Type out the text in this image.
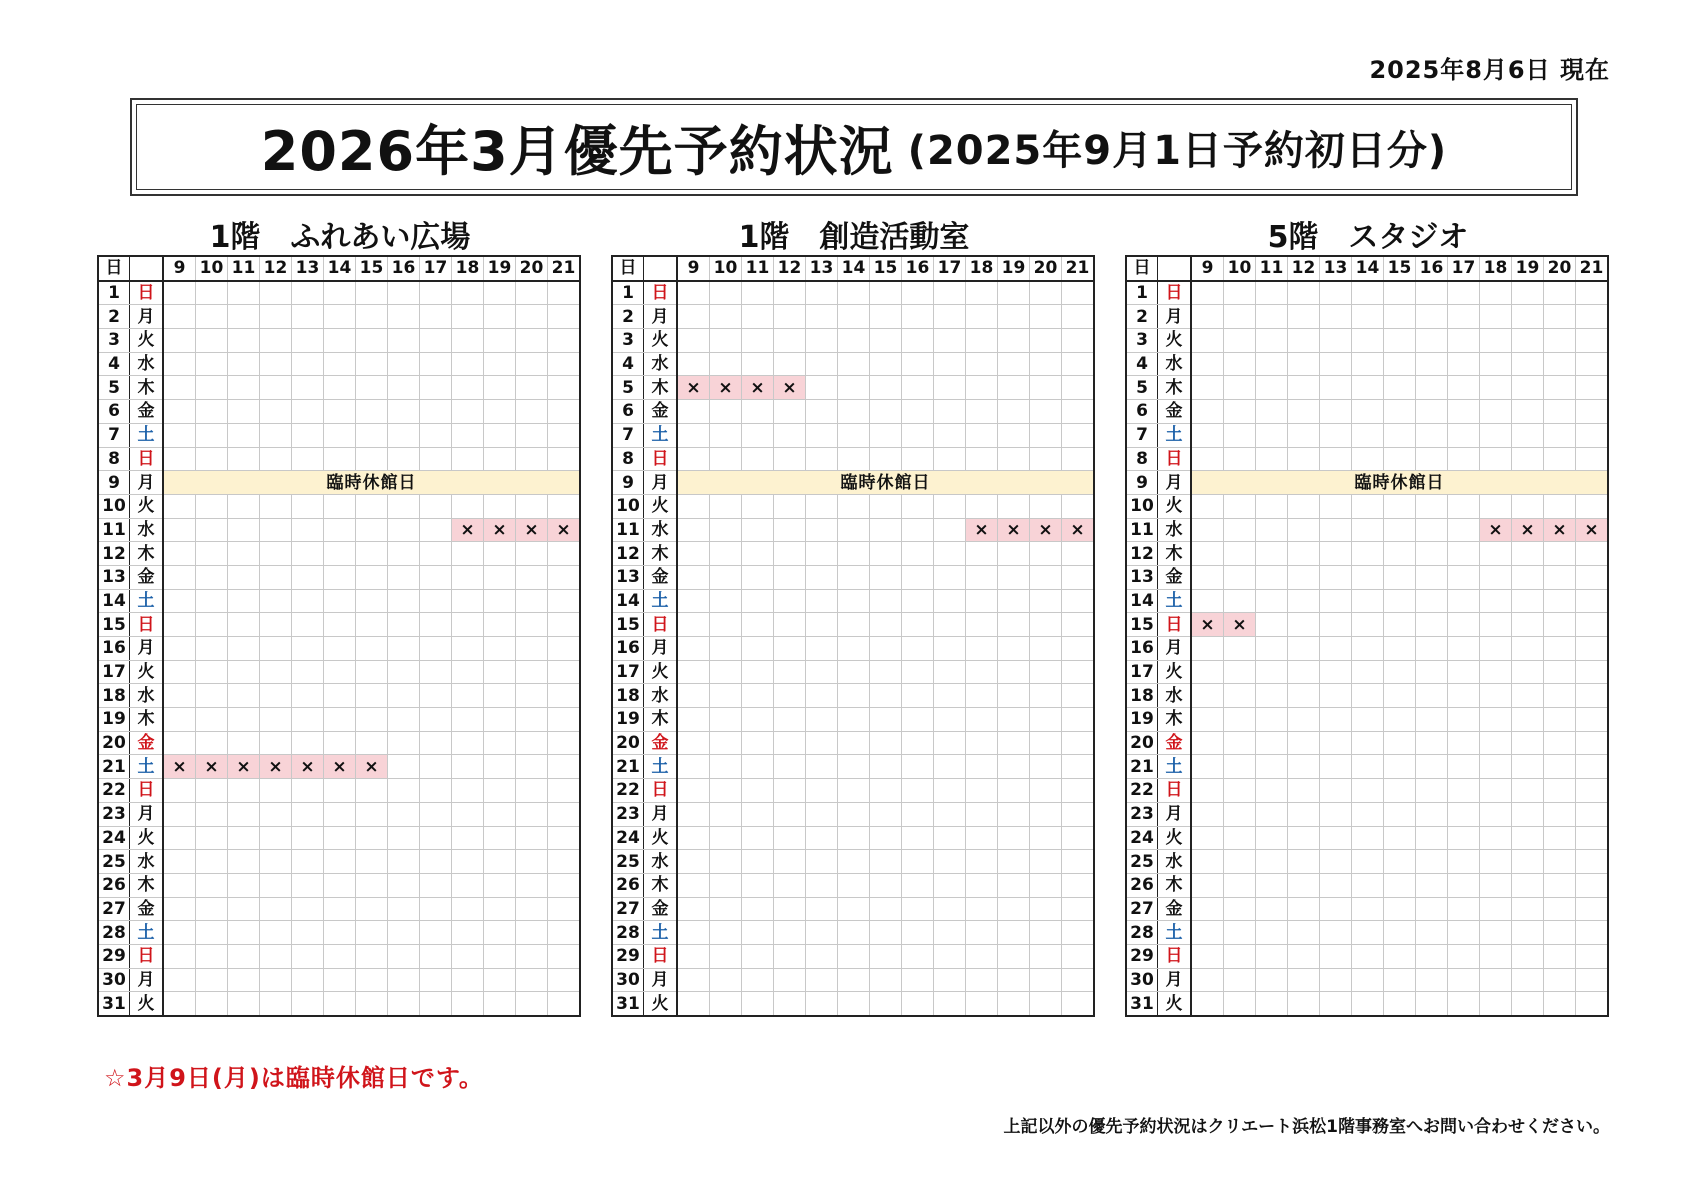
2025年8月6日 現在
2026年3月優先予約状況 (2025年9月1日予約初日分)
1階　ふれあい広場	1階　創造活動室	5階　スタジオ
日		9	10	11	12	13	14	15	16	17	18	19	20	21
1	日													
2	月													
3	火													
4	水													
5	木													
6	金													
7	土													
8	日													
9	月	臨時休館日												
10	火													
11	水										×	×	×	×
12	木													
13	金													
14	土													
15	日													
16	月													
17	火													
18	水													
19	木													
20	金													
21	土	×	×	×	×	×	×	×						
22	日													
23	月													
24	火													
25	水													
26	木													
27	金													
28	土													
29	日													
30	月													
31	火													
日		9	10	11	12	13	14	15	16	17	18	19	20	21
1	日													
2	月													
3	火													
4	水													
5	木	×	×	×	×									
6	金													
7	土													
8	日													
9	月	臨時休館日												
10	火													
11	水										×	×	×	×
12	木													
13	金													
14	土													
15	日													
16	月													
17	火													
18	水													
19	木													
20	金													
21	土													
22	日													
23	月													
24	火													
25	水													
26	木													
27	金													
28	土													
29	日													
30	月													
31	火													
日		9	10	11	12	13	14	15	16	17	18	19	20	21
1	日													
2	月													
3	火													
4	水													
5	木													
6	金													
7	土													
8	日													
9	月	臨時休館日												
10	火													
11	水										×	×	×	×
12	木													
13	金													
14	土													
15	日	×	×											
16	月													
17	火													
18	水													
19	木													
20	金													
21	土													
22	日													
23	月													
24	火													
25	水													
26	木													
27	金													
28	土													
29	日													
30	月													
31	火													
☆3月9日(月)は臨時休館日です。
上記以外の優先予約状況はクリエート浜松1階事務室へお問い合わせください。
